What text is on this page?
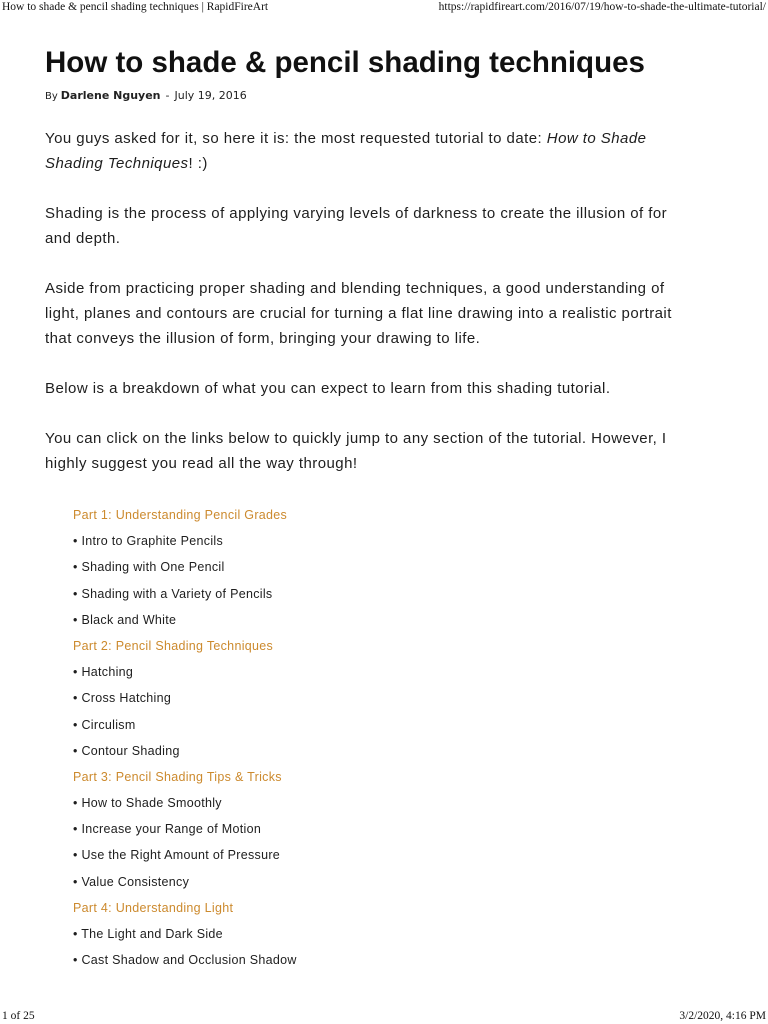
How to shade & pencil shading techniques | RapidFireArt	https://rapidfireart.com/2016/07/19/how-to-shade-the-ultimate-tutorial/
How to shade & pencil shading techniques
By Darlene Nguyen - July 19, 2016

You guys asked for it, so here it is: the most requested tutorial to date: How to Shade
Shading Techniques! :)

Shading is the process of applying varying levels of darkness to create the illusion of for
and depth.

Aside from practicing proper shading and blending techniques, a good understanding of
light, planes and contours are crucial for turning a flat line drawing into a realistic portrait
that conveys the illusion of form, bringing your drawing to life.

Below is a breakdown of what you can expect to learn from this shading tutorial.

You can click on the links below to quickly jump to any section of the tutorial. However, I
highly suggest you read all the way through!

Part 1: Understanding Pencil Grades
• Intro to Graphite Pencils
• Shading with One Pencil
• Shading with a Variety of Pencils
• Black and White
Part 2: Pencil Shading Techniques
• Hatching
• Cross Hatching
• Circulism
• Contour Shading
Part 3: Pencil Shading Tips & Tricks
• How to Shade Smoothly
• Increase your Range of Motion
• Use the Right Amount of Pressure
• Value Consistency
Part 4: Understanding Light
• The Light and Dark Side
• Cast Shadow and Occlusion Shadow
1 of 25	3/2/2020, 4:16 PM
